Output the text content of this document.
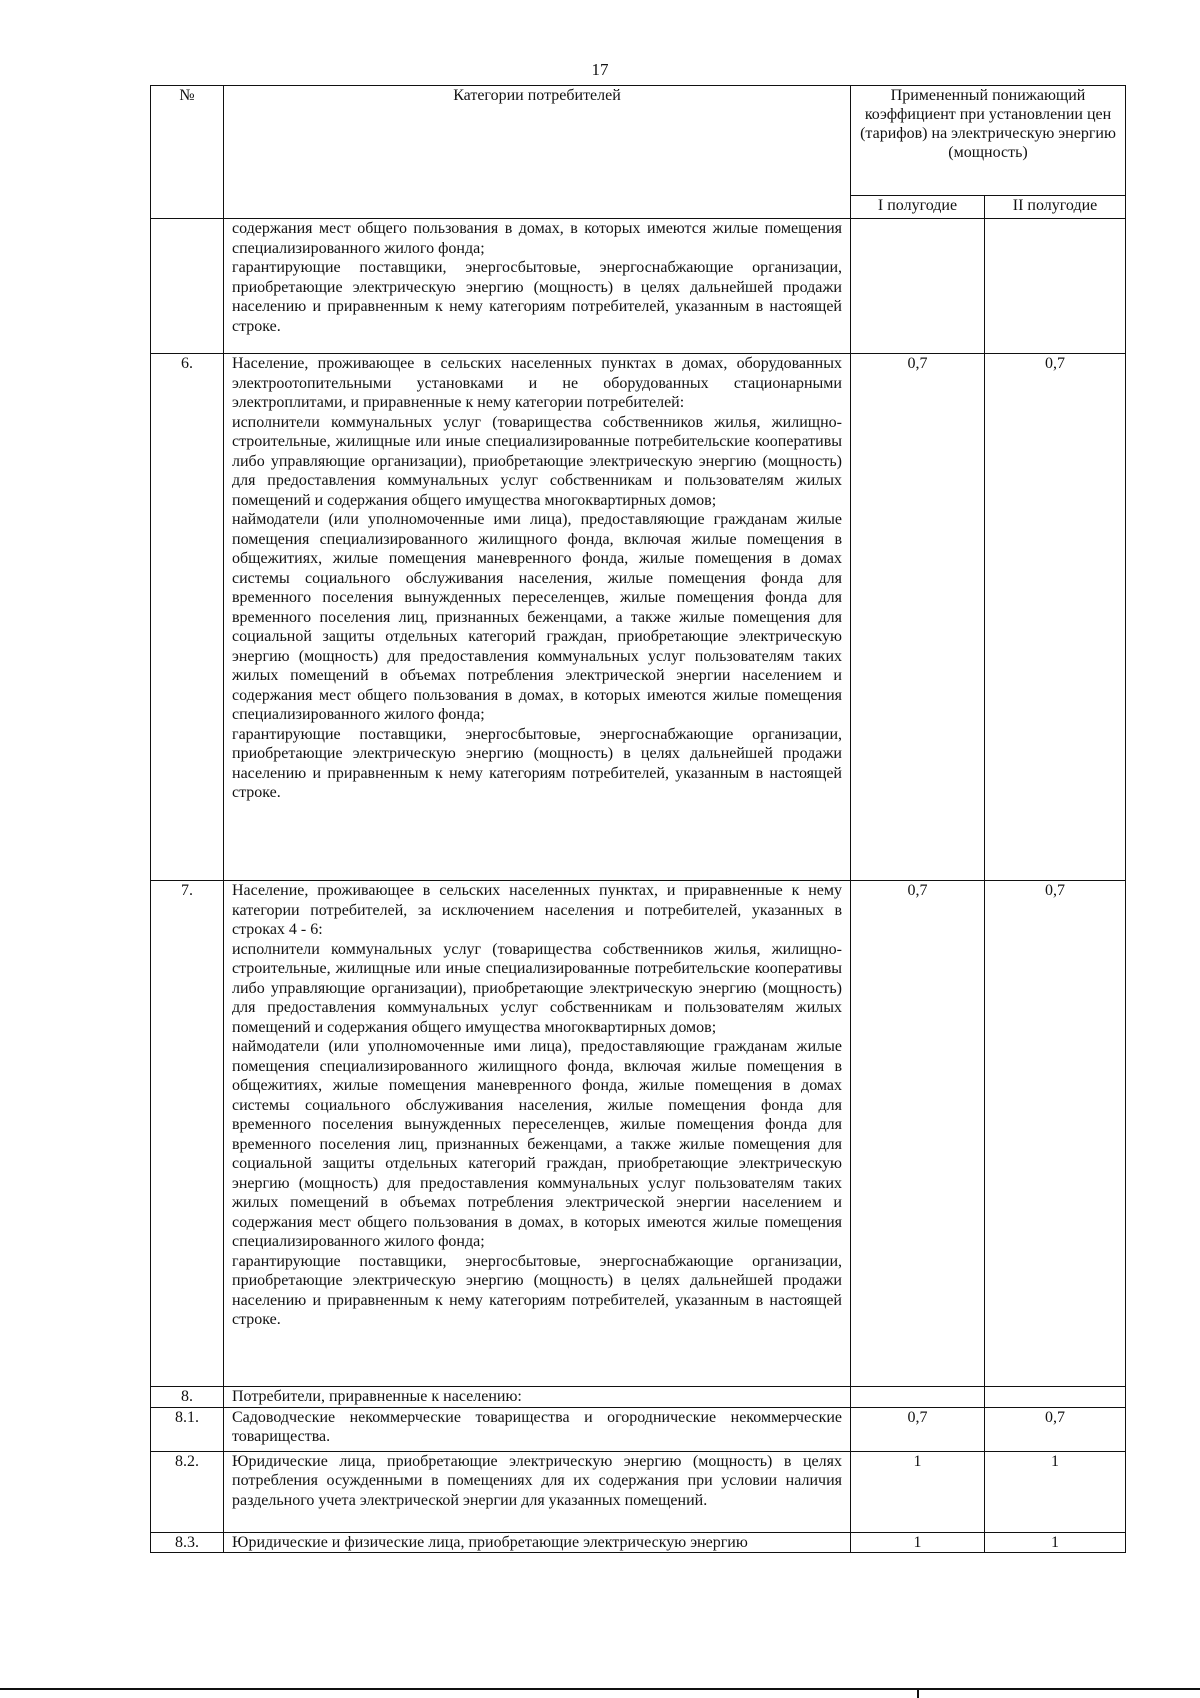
17
№	Категории потребителей	Примененный понижающий коэффициент при установлении цен (тарифов) на электрическую энергию (мощность)	
		I полугодие	II полугодие

	содержания мест общего пользования в домах, в которых имеются жилые помещения специализированного жилого фонда;
гарантирующие поставщики, энергосбытовые, энергоснабжающие организации, приобретающие электрическую энергию (мощность) в целях дальнейшей продажи населению и приравненным к нему категориям потребителей, указанным в настоящей строке.		

6.	Население, проживающее в сельских населенных пунктах в домах, оборудованных электроотопительными установками и не оборудованных стационарными электроплитами, и приравненные к нему категории потребителей:
исполнители коммунальных услуг (товарищества собственников жилья, жилищно-строительные, жилищные или иные специализированные потребительские кооперативы либо управляющие организации), приобретающие электрическую энергию (мощность) для предоставления коммунальных услуг собственникам и пользователям жилых помещений и содержания общего имущества многоквартирных домов;
наймодатели (или уполномоченные ими лица), предоставляющие гражданам жилые помещения специализированного жилищного фонда, включая жилые помещения в общежитиях, жилые помещения маневренного фонда, жилые помещения в домах системы социального обслуживания населения, жилые помещения фонда для временного поселения вынужденных переселенцев, жилые помещения фонда для временного поселения лиц, признанных беженцами, а также жилые помещения для социальной защиты отдельных категорий граждан, приобретающие электрическую энергию (мощность) для предоставления коммунальных услуг пользователям таких жилых помещений в объемах потребления электрической энергии населением и содержания мест общего пользования в домах, в которых имеются жилые помещения специализированного жилого фонда;
гарантирующие поставщики, энергосбытовые, энергоснабжающие организации, приобретающие электрическую энергию (мощность) в целях дальнейшей продажи населению и приравненным к нему категориям потребителей, указанным в настоящей строке.	0,7	0,7
7.	Население, проживающее в сельских населенных пунктах, и приравненные к нему категории потребителей, за исключением населения и потребителей, указанных в строках 4 - 6:
исполнители коммунальных услуг (товарищества собственников жилья, жилищно-строительные, жилищные или иные специализированные потребительские кооперативы либо управляющие организации), приобретающие электрическую энергию (мощность) для предоставления коммунальных услуг собственникам и пользователям жилых помещений и содержания общего имущества многоквартирных домов;
наймодатели (или уполномоченные ими лица), предоставляющие гражданам жилые помещения специализированного жилищного фонда, включая жилые помещения в общежитиях, жилые помещения маневренного фонда, жилые помещения в домах системы социального обслуживания населения, жилые помещения фонда для временного поселения вынужденных переселенцев, жилые помещения фонда для временного поселения лиц, признанных беженцами, а также жилые помещения для социальной защиты отдельных категорий граждан, приобретающие электрическую энергию (мощность) для предоставления коммунальных услуг пользователям таких жилых помещений в объемах потребления электрической энергии населением и содержания мест общего пользования в домах, в которых имеются жилые помещения специализированного жилого фонда;
гарантирующие поставщики, энергосбытовые, энергоснабжающие организации, приобретающие электрическую энергию (мощность) в целях дальнейшей продажи населению и приравненным к нему категориям потребителей, указанным в настоящей строке.	0,7	0,7
8.	Потребители, приравненные к населению:		

8.1.	Садоводческие некоммерческие товарищества и огороднические некоммерческие товарищества.	0,7	0,7
8.2.	Юридические лица, приобретающие электрическую энергию (мощность) в целях потребления осужденными в помещениях для их содержания при условии наличия раздельного учета электрической энергии для указанных помещений.	1	1
8.3.	Юридические и физические лица, приобретающие электрическую энергию	1	1
